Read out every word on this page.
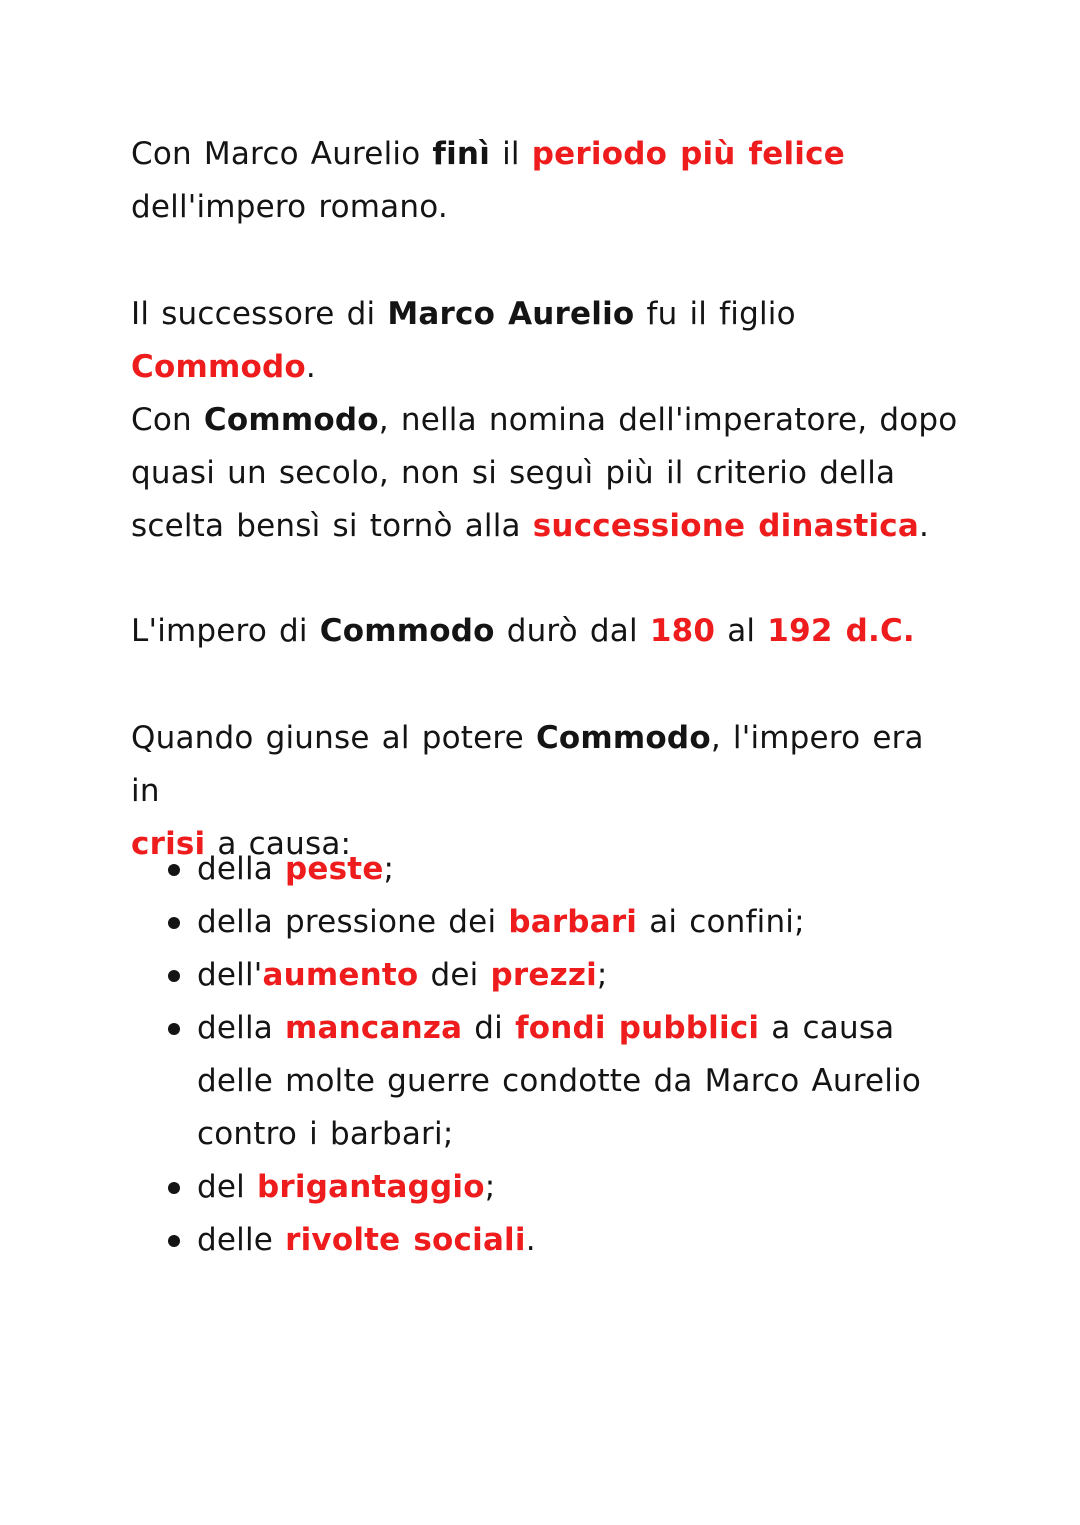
Con Marco Aurelio finì il periodo più felice
dell'impero romano.

Il successore di Marco Aurelio fu il figlio Commodo.

Con Commodo, nella nomina dell'imperatore, dopo quasi un secolo, non si seguì più il criterio della scelta bensì si tornò alla successione dinastica.

L'impero di Commodo durò dal 180 al 192 d.C.

Quando giunse al potere Commodo, l'impero era in
crisi a causa:

della peste;
della pressione dei barbari ai confini;
dell'aumento dei prezzi;
della mancanza di fondi pubblici a causa delle molte guerre condotte da Marco Aurelio contro i barbari;
del brigantaggio;
delle rivolte sociali.
